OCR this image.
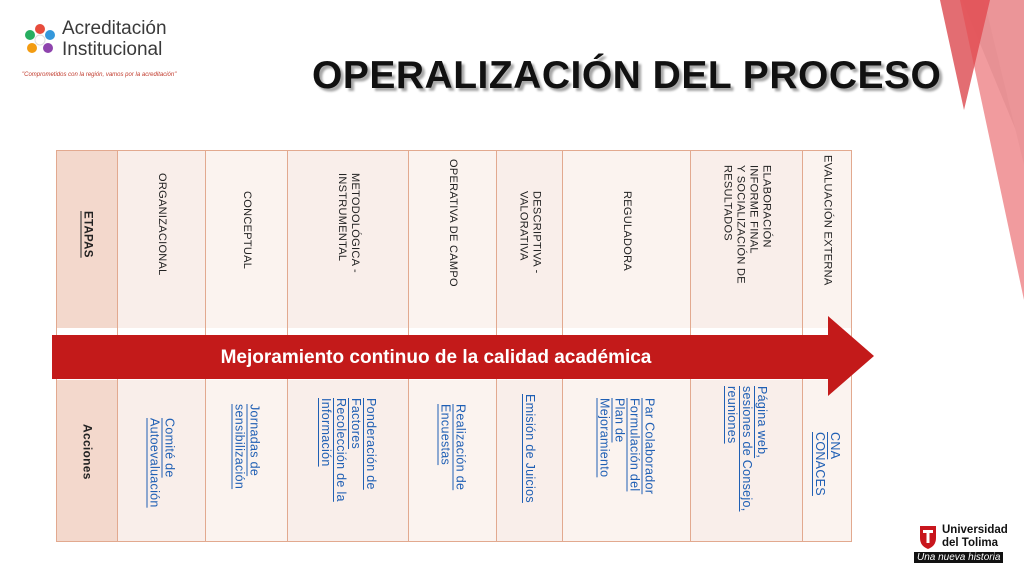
Acreditación
Institucional
"Comprometidos con la región, vamos por la acreditación"	OPERALIZACIÓN DEL PROCESO
ETAPAS
Acciones
ORGANIZACIONAL
Comité de
Autoevaluación
CONCEPTUAL
Jornadas de
sensibilización
METODOLÓGICA -
INSTRUMENTAL
Ponderación de
Factores
Recolección de la
Información
OPERATIVA DE CAMPO
Realización de
Encuestas
DESCRIPTIVA -
VALORATIVA
Emisión de Juicios
REGULADORA
Par Colaborador
Formulación del
Plan de
Mejoramiento
ELABORACIÓN
INFORME FINAL
Y SOCIALIZACIÓN DE
RESULTADOS
Página web,
sesiones de Consejo,
reuniones
EVALUACIÓN EXTERNA
CNA
CONACES
Mejoramiento continuo de la calidad académica
Universidad
del Tolima
Una nueva historia
